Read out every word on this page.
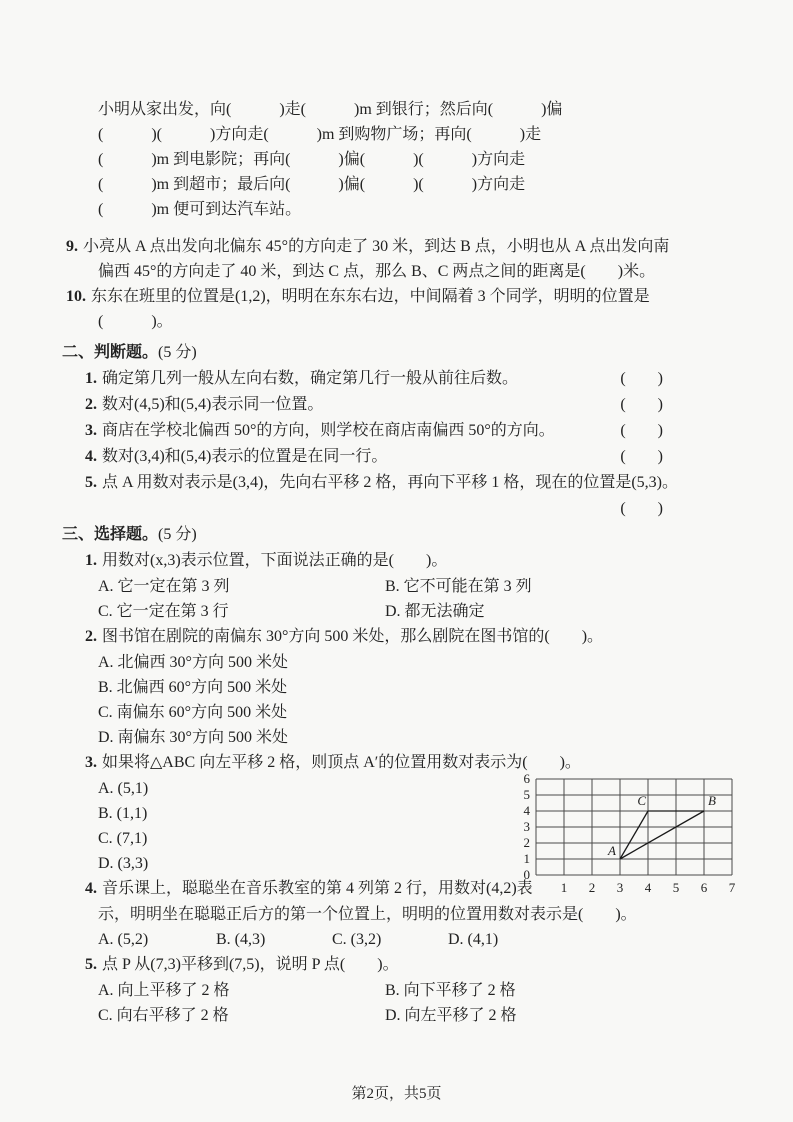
小明从家出发，向(　　　)走(　　　)m 到银行；然后向(　　　)偏
(　　　)(　　　)方向走(　　　)m 到购物广场；再向(　　　)走
(　　　)m 到电影院；再向(　　　)偏(　　　)(　　　)方向走
(　　　)m 到超市；最后向(　　　)偏(　　　)(　　　)方向走
(　　　)m 便可到达汽车站。
9. 小亮从 A 点出发向北偏东 45°的方向走了 30 米，到达 B 点，小明也从 A 点出发向南
偏西 45°的方向走了 40 米，到达 C 点，那么 B、C 两点之间的距离是(　　)米。
10. 东东在班里的位置是(1,2)，明明在东东右边，中间隔着 3 个同学，明明的位置是
(　　　)。
二、判断题。(5 分)
1. 确定第几列一般从左向右数，确定第几行一般从前往后数。	(　　)
2. 数对(4,5)和(5,4)表示同一位置。	(　　)
3. 商店在学校北偏西 50°的方向，则学校在商店南偏西 50°的方向。	(　　)
4. 数对(3,4)和(5,4)表示的位置是在同一行。	(　　)
5. 点 A 用数对表示是(3,4)，先向右平移 2 格，再向下平移 1 格，现在的位置是(5,3)。
(　　)
三、选择题。(5 分)
1. 用数对(x,3)表示位置，下面说法正确的是(　　)。
A. 它一定在第 3 列	B. 它不可能在第 3 列
C. 它一定在第 3 行	D. 都无法确定
2. 图书馆在剧院的南偏东 30°方向 500 米处，那么剧院在图书馆的(　　)。
A. 北偏西 30°方向 500 米处
B. 北偏西 60°方向 500 米处
C. 南偏东 60°方向 500 米处
D. 南偏东 30°方向 500 米处
3. 如果将△ABC 向左平移 2 格，则顶点 A′的位置用数对表示为(　　)。
A. (5,1)
B. (1,1)
C. (7,1)
D. (3,3)
4. 音乐课上，聪聪坐在音乐教室的第 4 列第 2 行，用数对(4,2)表
示，明明坐在聪聪正后方的第一个位置上，明明的位置用数对表示是(　　)。
A. (5,2)	B. (4,3)	C. (3,2)	D. (4,1)
5. 点 P 从(7,3)平移到(7,5)，说明 P 点(　　)。
A. 向上平移了 2 格	B. 向下平移了 2 格
C. 向右平移了 2 格	D. 向左平移了 2 格
1 2 3 4 5 6 7
0
1
2
3
4
5
6
A
C	B
第2页，共5页
